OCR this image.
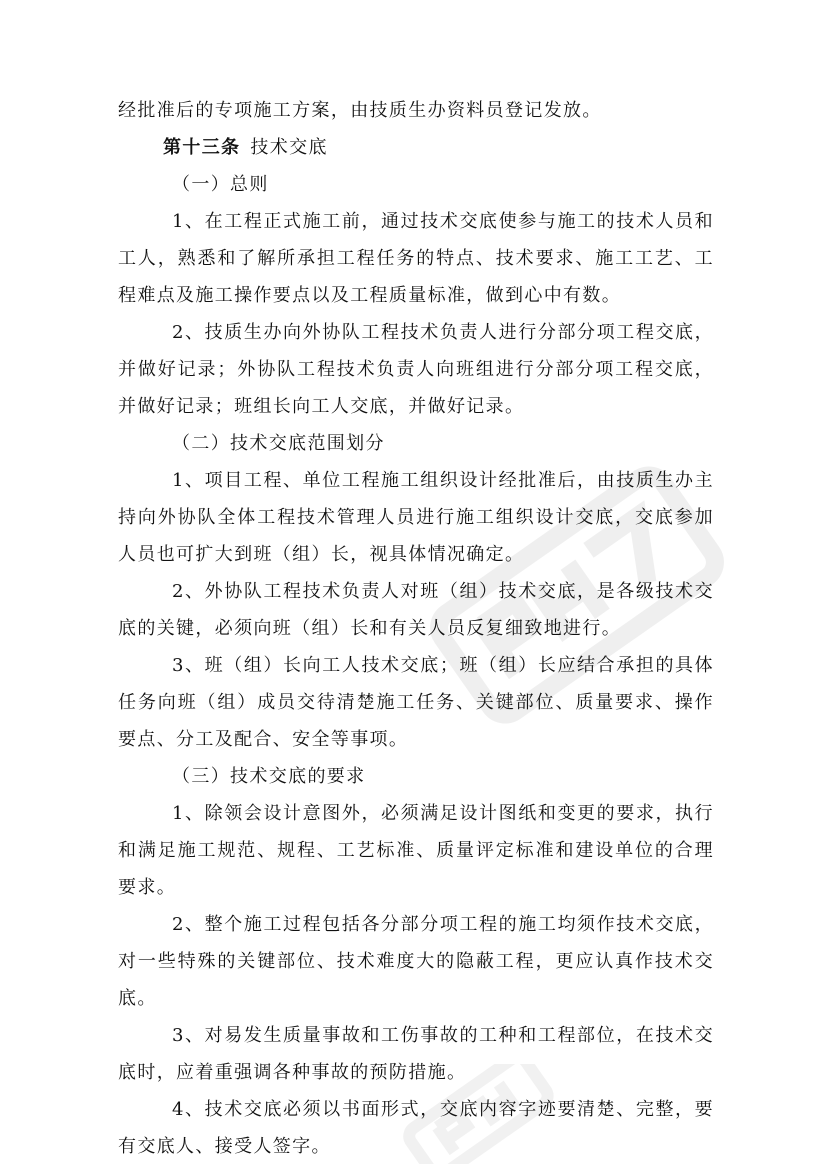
经批准后的专项施工方案，由技质生办资料员登记发放。

第十三条 技术交底

（一）总则

1、在工程正式施工前，通过技术交底使参与施工的技术人员和

工人，熟悉和了解所承担工程任务的特点、技术要求、施工工艺、工

程难点及施工操作要点以及工程质量标准，做到心中有数。

2、技质生办向外协队工程技术负责人进行分部分项工程交底，

并做好记录；外协队工程技术负责人向班组进行分部分项工程交底，

并做好记录；班组长向工人交底，并做好记录。

（二）技术交底范围划分

1、项目工程、单位工程施工组织设计经批准后，由技质生办主

持向外协队全体工程技术管理人员进行施工组织设计交底，交底参加

人员也可扩大到班（组）长，视具体情况确定。

2、外协队工程技术负责人对班（组）技术交底，是各级技术交

底的关键，必须向班（组）长和有关人员反复细致地进行。

3、班（组）长向工人技术交底；班（组）长应结合承担的具体

任务向班（组）成员交待清楚施工任务、关键部位、质量要求、操作

要点、分工及配合、安全等事项。

（三）技术交底的要求

1、除领会设计意图外，必须满足设计图纸和变更的要求，执行

和满足施工规范、规程、工艺标准、质量评定标准和建设单位的合理

要求。

2、整个施工过程包括各分部分项工程的施工均须作技术交底，

对一些特殊的关键部位、技术难度大的隐蔽工程，更应认真作技术交

底。

3、对易发生质量事故和工伤事故的工种和工程部位，在技术交

底时，应着重强调各种事故的预防措施。

4、技术交底必须以书面形式，交底内容字迹要清楚、完整，要

有交底人、接受人签字。
